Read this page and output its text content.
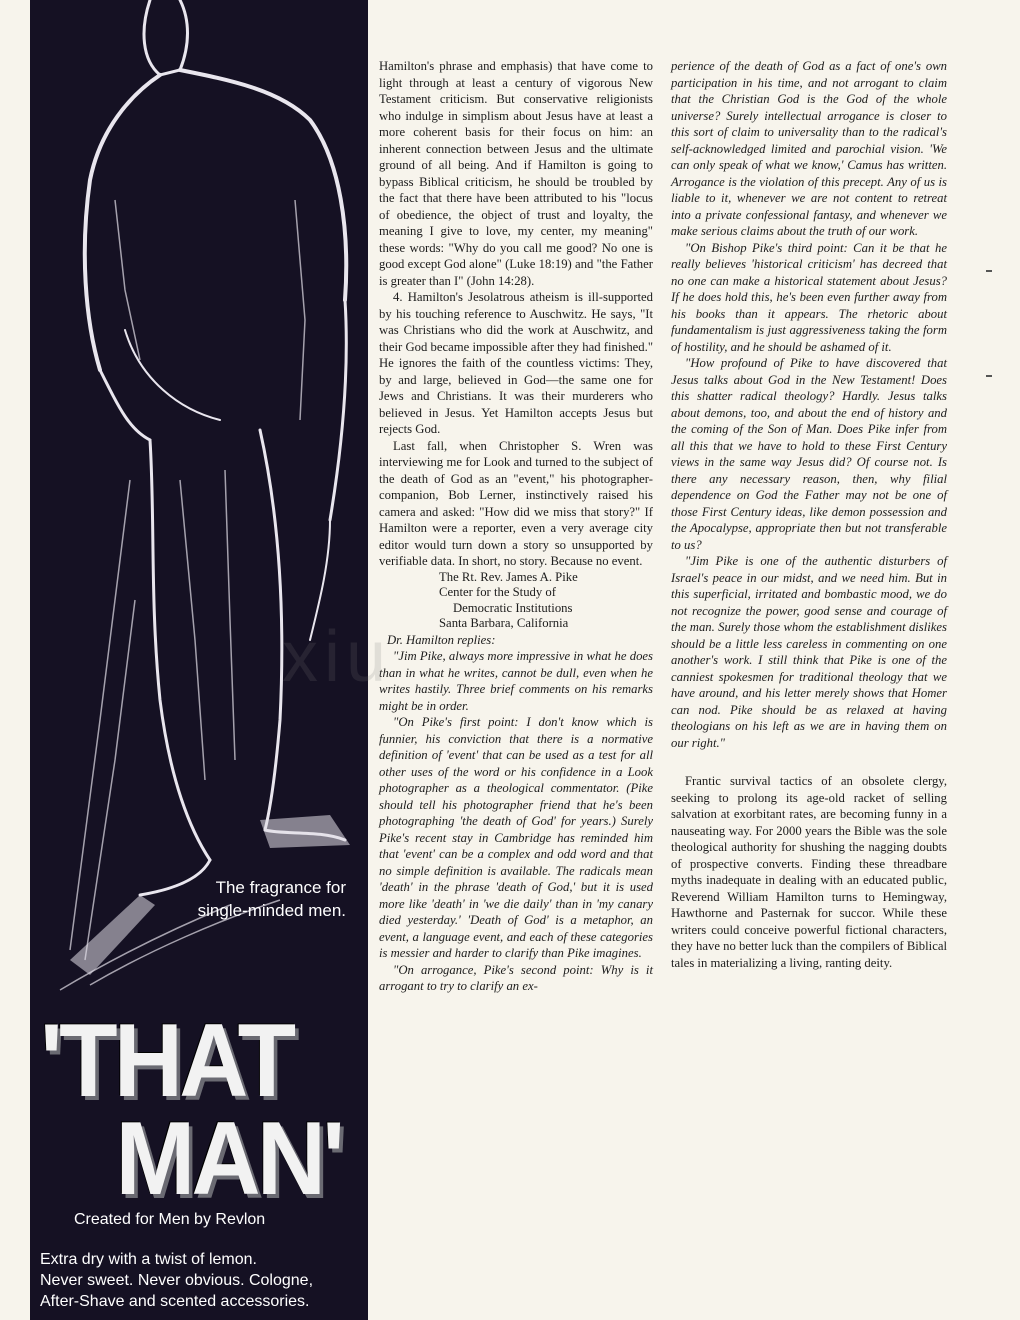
The fragrance for
single-minded men.
'THAT
MAN'
Created for Men by Revlon
Extra dry with a twist of lemon.
Never sweet. Never obvious. Cologne,
After-Shave and scented accessories.

Hamilton's phrase and emphasis) that have come to light through at least a century of vigorous New Testament criticism. But conservative religionists who indulge in simplism about Jesus have at least a more coherent basis for their focus on him: an inherent connection between Jesus and the ultimate ground of all being. And if Hamilton is going to bypass Biblical criticism, he should be troubled by the fact that there have been attributed to his "locus of obedience, the object of trust and loyalty, the meaning I give to love, my center, my meaning" these words: "Why do you call me good? No one is good except God alone" (Luke 18:19) and "the Father is greater than I" (John 14:28).

4. Hamilton's Jesolatrous atheism is ill-supported by his touching reference to Auschwitz. He says, "It was Christians who did the work at Auschwitz, and their God became impossible after they had finished." He ignores the faith of the countless victims: They, by and large, believed in God—the same one for Jews and Christians. It was their murderers who believed in Jesus. Yet Hamilton accepts Jesus but rejects God.

Last fall, when Christopher S. Wren was interviewing me for Look and turned to the subject of the death of God as an "event," his photographer-companion, Bob Lerner, instinctively raised his camera and asked: "How did we miss that story?" If Hamilton were a reporter, even a very average city editor would turn down a story so unsupported by verifiable data. In short, no story. Because no event.

The Rt. Rev. James A. Pike
Center for the Study of
Democratic Institutions
Santa Barbara, California

Dr. Hamilton replies:

"Jim Pike, always more impressive in what he does than in what he writes, cannot be dull, even when he writes hastily. Three brief comments on his remarks might be in order.

"On Pike's first point: I don't know which is funnier, his conviction that there is a normative definition of 'event' that can be used as a test for all other uses of the word or his confidence in a Look photographer as a theological commentator. (Pike should tell his photographer friend that he's been photographing 'the death of God' for years.) Surely Pike's recent stay in Cambridge has reminded him that 'event' can be a complex and odd word and that no simple definition is available. The radicals mean 'death' in the phrase 'death of God,' but it is used more like 'death' in 'we die daily' than in 'my canary died yesterday.' 'Death of God' is a metaphor, an event, a language event, and each of these categories is messier and harder to clarify than Pike imagines.

"On arrogance, Pike's second point: Why is it arrogant to try to clarify an ex-

perience of the death of God as a fact of one's own participation in his time, and not arrogant to claim that the Christian God is the God of the whole universe? Surely intellectual arrogance is closer to this sort of claim to universality than to the radical's self-acknowledged limited and parochial vision. 'We can only speak of what we know,' Camus has written. Arrogance is the violation of this precept. Any of us is liable to it, whenever we are not content to retreat into a private confessional fantasy, and whenever we make serious claims about the truth of our work.

"On Bishop Pike's third point: Can it be that he really believes 'historical criticism' has decreed that no one can make a historical statement about Jesus? If he does hold this, he's been even further away from his books than it appears. The rhetoric about fundamentalism is just aggressiveness taking the form of hostility, and he should be ashamed of it.

"How profound of Pike to have discovered that Jesus talks about God in the New Testament! Does this shatter radical theology? Hardly. Jesus talks about demons, too, and about the end of history and the coming of the Son of Man. Does Pike infer from all this that we have to hold to these First Century views in the same way Jesus did? Of course not. Is there any necessary reason, then, why filial dependence on God the Father may not be one of those First Century ideas, like demon possession and the Apocalypse, appropriate then but not transferable to us?

"Jim Pike is one of the authentic disturbers of Israel's peace in our midst, and we need him. But in this superficial, irritated and bombastic mood, we do not recognize the power, good sense and courage of the man. Surely those whom the establishment dislikes should be a little less careless in commenting on one another's work. I still think that Pike is one of the canniest spokesmen for traditional theology that we have around, and his letter merely shows that Homer can nod. Pike should be as relaxed at having theologians on his left as we are in having them on our right."

Frantic survival tactics of an obsolete clergy, seeking to prolong its age-old racket of selling salvation at exorbitant rates, are becoming funny in a nauseating way. For 2000 years the Bible was the sole theological authority for shushing the nagging doubts of prospective converts. Finding these threadbare myths inadequate in dealing with an educated public, Reverend William Hamilton turns to Hemingway, Hawthorne and Pasternak for succor. While these writers could conceive powerful fictional characters, they have no better luck than the compilers of Biblical tales in materializing a living, ranting deity.
